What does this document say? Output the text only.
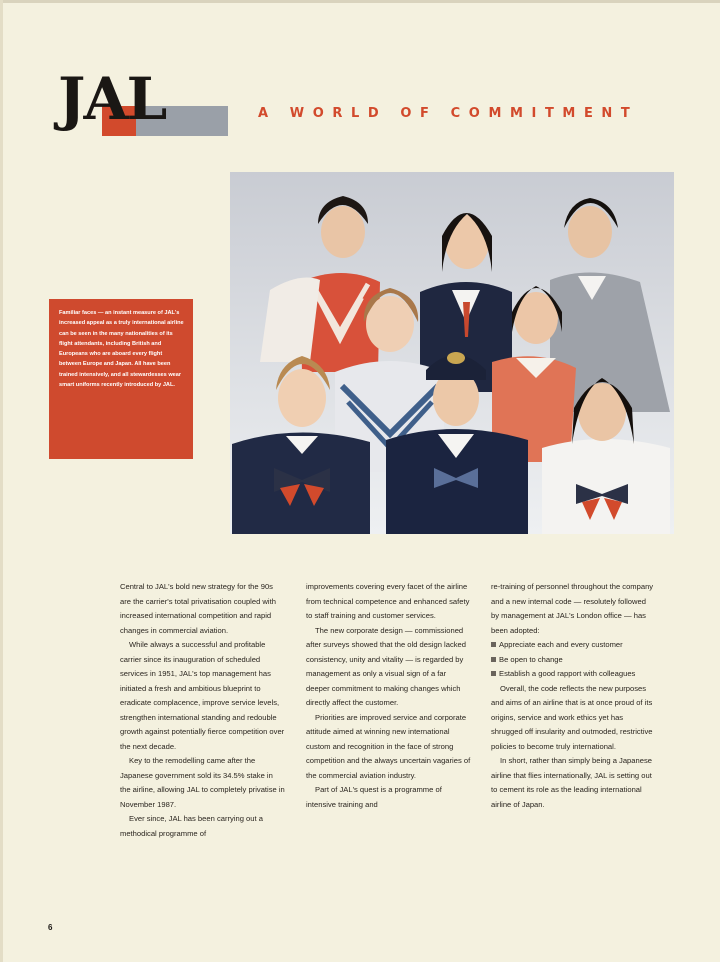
JAL	A WORLD OF COMMITMENT
Familiar faces — an instant measure of JAL's increased appeal as a truly international airline can be seen in the many nationalities of its flight attendants, including British and Europeans who are aboard every flight between Europe and Japan. All have been trained intensively, and all stewardesses wear smart uniforms recently introduced by JAL.

Central to JAL's bold new strategy for the 90s are the carrier's total privatisation coupled with increased international competition and rapid changes in commercial aviation.

While always a successful and profitable carrier since its inauguration of scheduled services in 1951, JAL's top management has initiated a fresh and ambitious blueprint to eradicate complacence, improve service levels, strengthen international standing and redouble growth against potentially fierce competition over the next decade.

Key to the remodelling came after the Japanese government sold its 34.5% stake in the airline, allowing JAL to completely privatise in November 1987.

Ever since, JAL has been carrying out a methodical programme of

improvements covering every facet of the airline from technical competence and enhanced safety to staff training and customer services.

The new corporate design — commissioned after surveys showed that the old design lacked consistency, unity and vitality — is regarded by management as only a visual sign of a far deeper commitment to making changes which directly affect the customer.

Priorities are improved service and corporate attitude aimed at winning new international custom and recognition in the face of strong competition and the always uncertain vagaries of the commercial aviation industry.

Part of JAL's quest is a programme of intensive training and

re-training of personnel throughout the company and a new internal code — resolutely followed by management at JAL's London office — has been adopted:

Appreciate each and every customer
Be open to change
Establish a good rapport with colleagues

Overall, the code reflects the new purposes and aims of an airline that is at once proud of its origins, service and work ethics yet has shrugged off insularity and outmoded, restrictive policies to become truly international.

In short, rather than simply being a Japanese airline that flies internationally, JAL is setting out to cement its role as the leading international airline of Japan.

6
